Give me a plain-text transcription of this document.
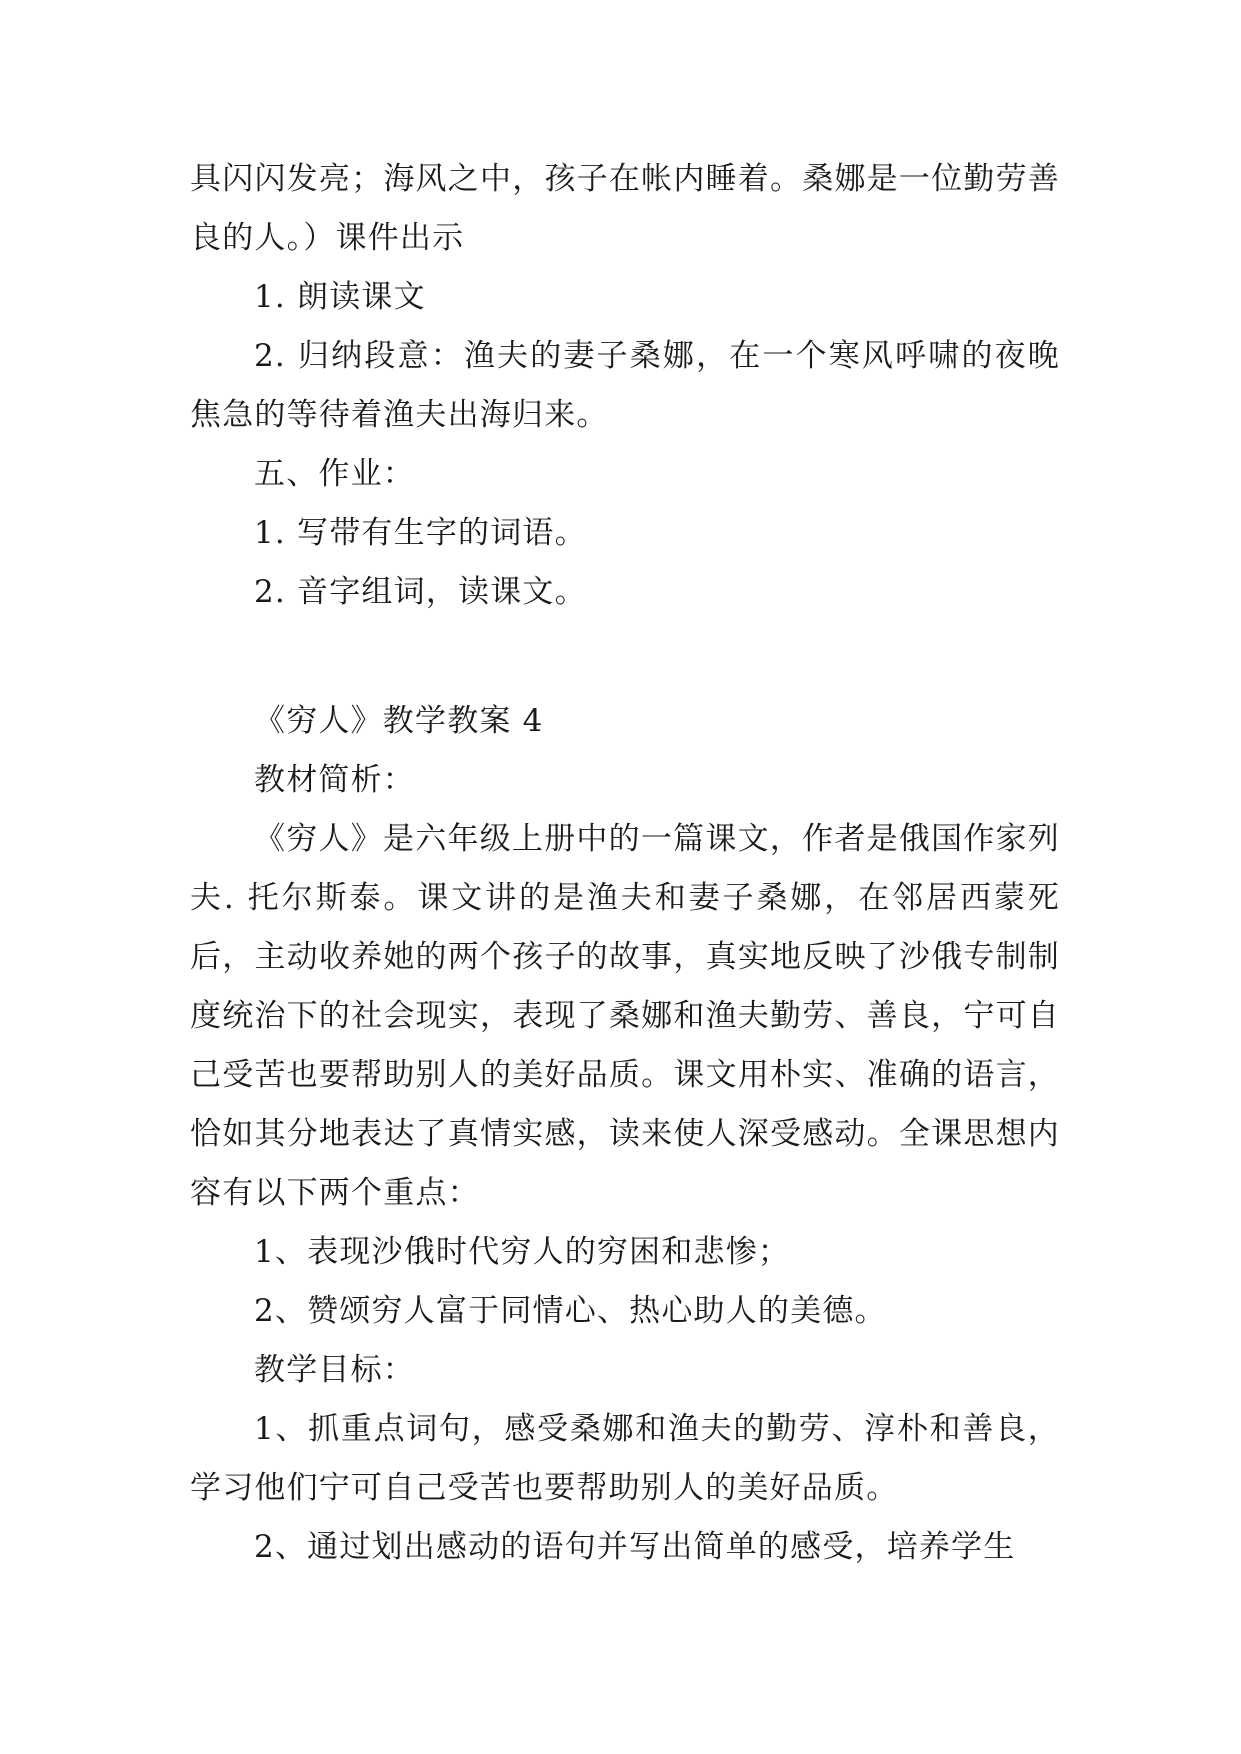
具闪闪发亮；海风之中，孩子在帐内睡着。桑娜是一位勤劳善良的人。）课件出示

1. 朗读课文

2. 归纳段意：渔夫的妻子桑娜，在一个寒风呼啸的夜晚焦急的等待着渔夫出海归来。

五、作业：

1. 写带有生字的词语。

2. 音字组词，读课文。

《穷人》教学教案 4

教材简析：

《穷人》是六年级上册中的一篇课文，作者是俄国作家列夫. 托尔斯泰。课文讲的是渔夫和妻子桑娜，在邻居西蒙死后，主动收养她的两个孩子的故事，真实地反映了沙俄专制制度统治下的社会现实，表现了桑娜和渔夫勤劳、善良，宁可自己受苦也要帮助别人的美好品质。课文用朴实、准确的语言，恰如其分地表达了真情实感，读来使人深受感动。全课思想内容有以下两个重点：

1、表现沙俄时代穷人的穷困和悲惨；

2、赞颂穷人富于同情心、热心助人的美德。

教学目标：

1、抓重点词句，感受桑娜和渔夫的勤劳、淳朴和善良，学习他们宁可自己受苦也要帮助别人的美好品质。

2、通过划出感动的语句并写出简单的感受，培养学生
